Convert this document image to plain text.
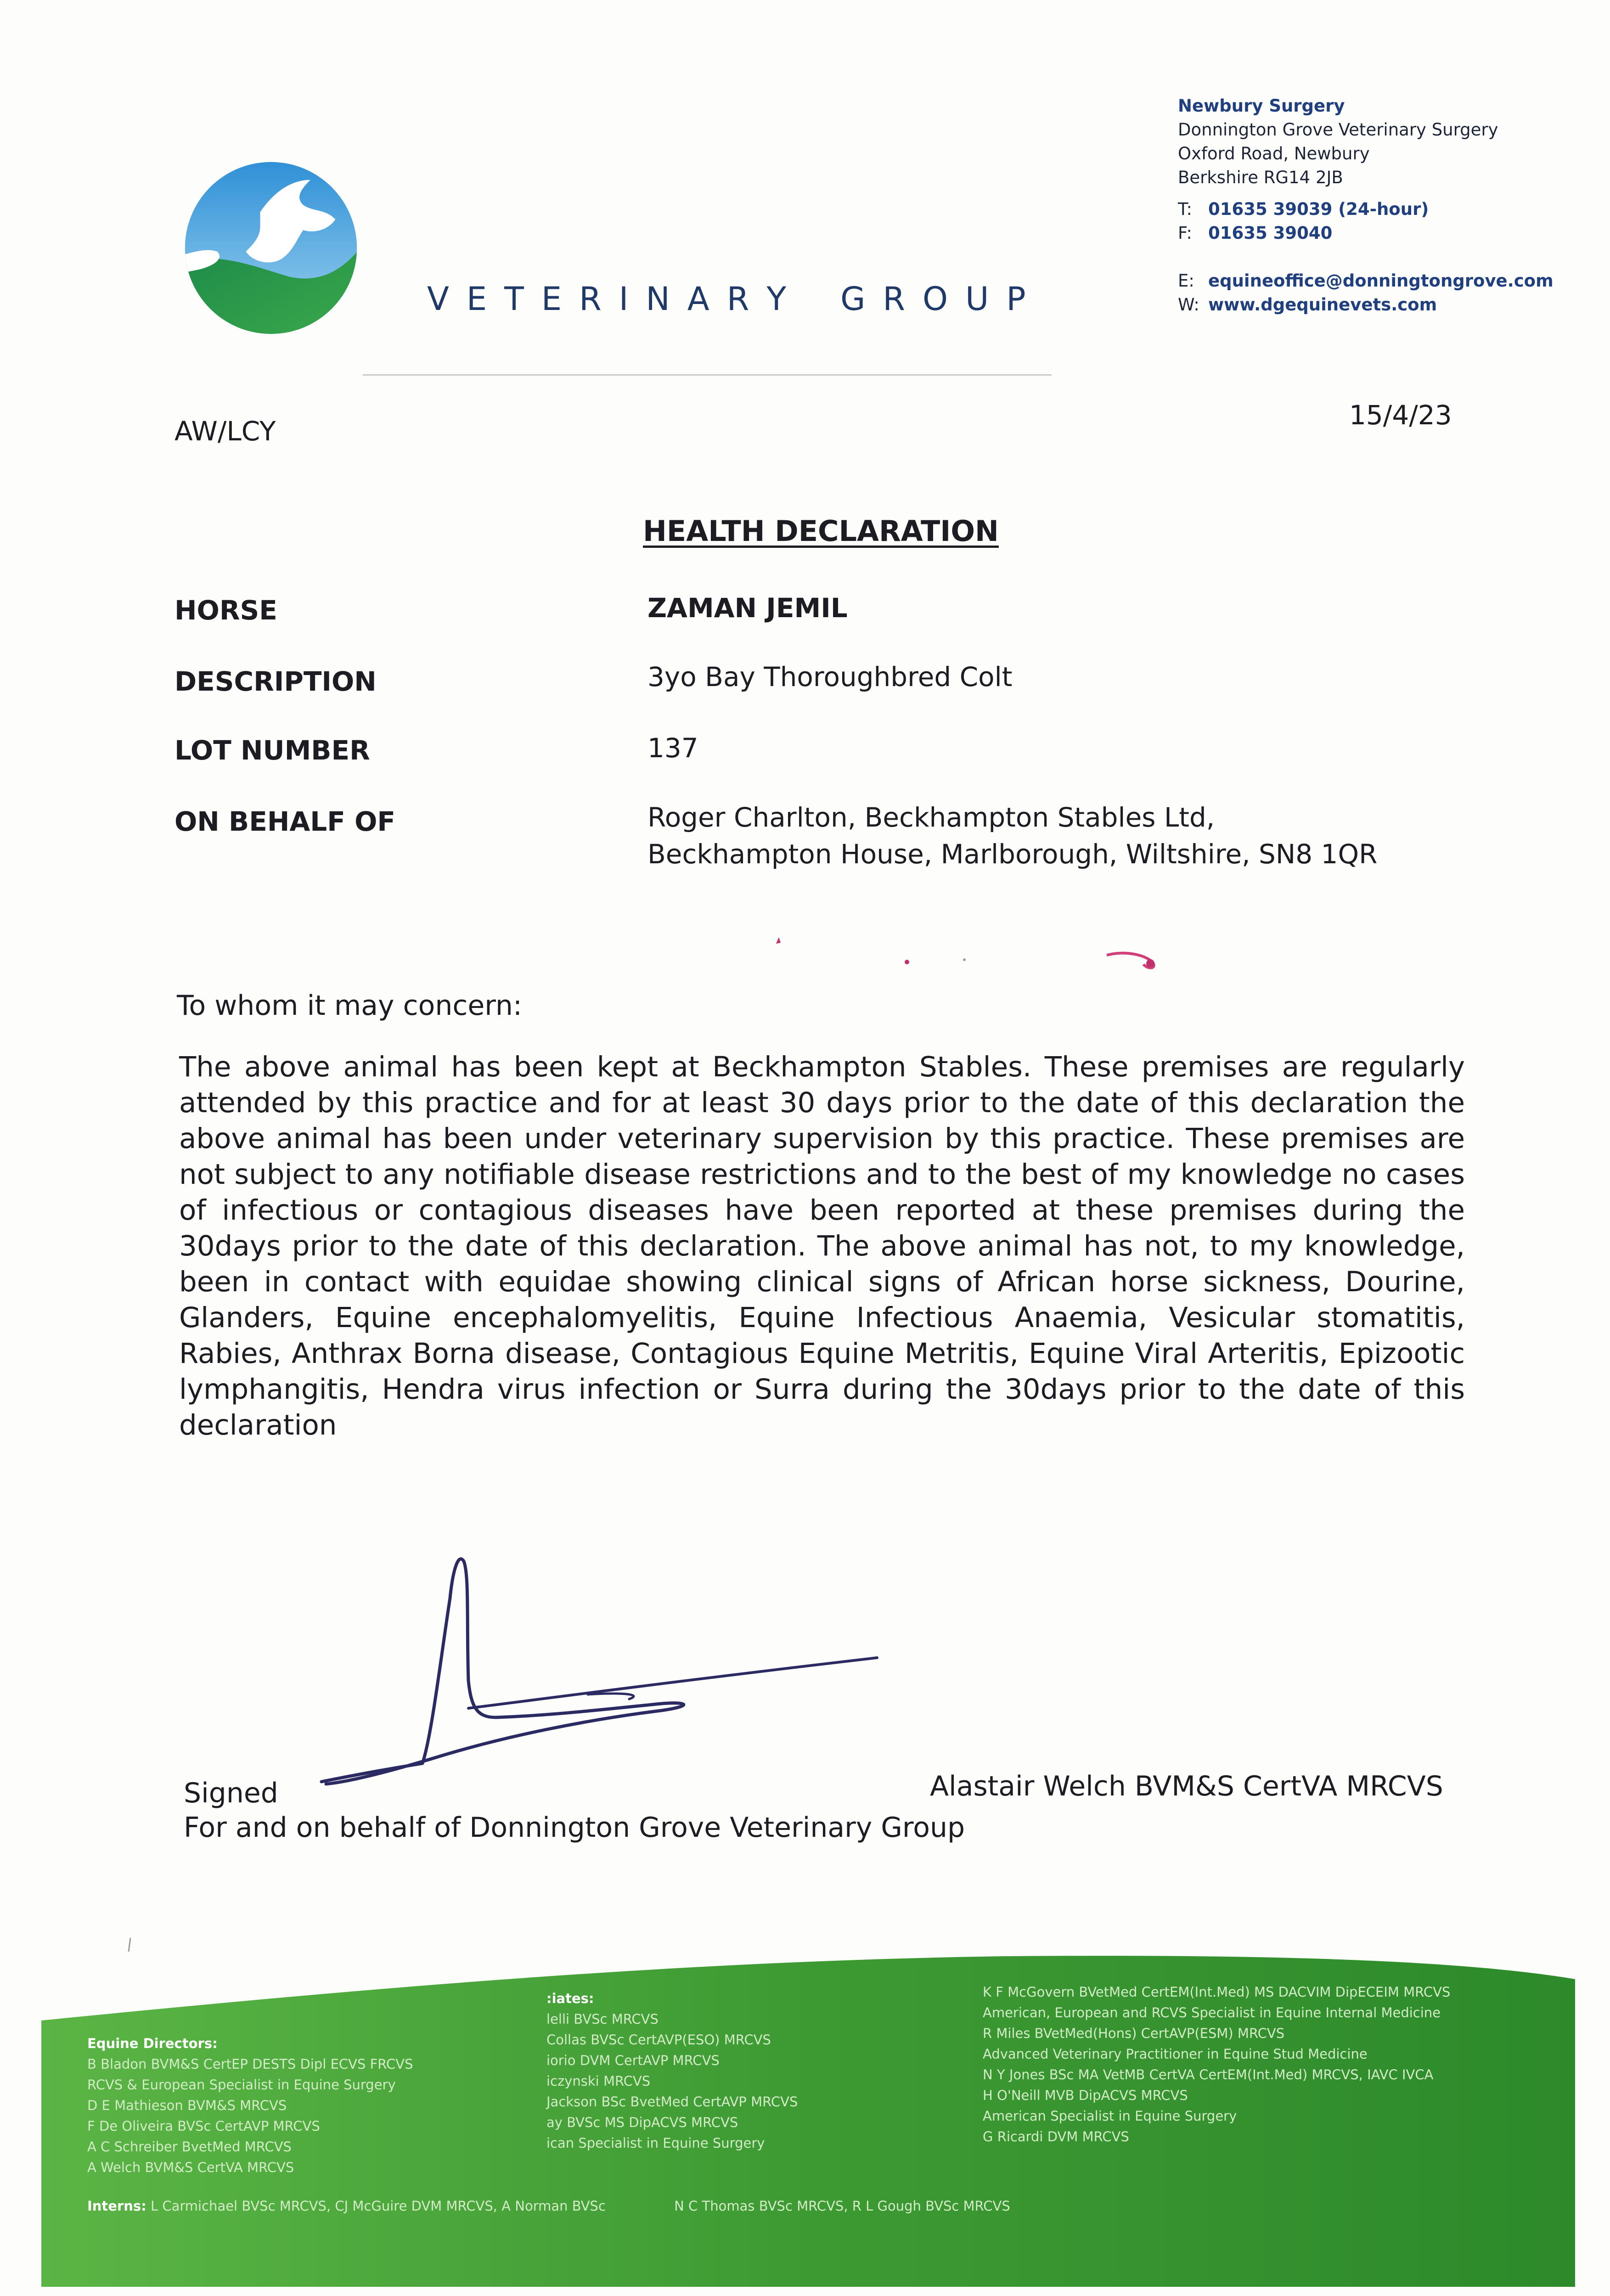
VETERINARY GROUP
Newbury Surgery
Donnington Grove Veterinary Surgery
Oxford Road, Newbury
Berkshire RG14 2JB
T: 01635 39039 (24-hour)
F: 01635 39040
E: equineoffice@donningtongrove.com
W: www.dgequinevets.com
AW/LCY
15/4/23
HEALTH DECLARATION
HORSE	ZAMAN JEMIL
DESCRIPTION	3yo Bay Thoroughbred Colt
LOT NUMBER	137
ON BEHALF OF	Roger Charlton, Beckhampton Stables Ltd,
Beckhampton House, Marlborough, Wiltshire, SN8 1QR
To whom it may concern:
The above animal has been kept at Beckhampton Stables. These premises are regularly attended by this practice and for at least 30 days prior to the date of this declaration the above animal has been under veterinary supervision by this practice. These premises are not subject to any notifiable disease restrictions and to the best of my knowledge no cases of infectious or contagious diseases have been reported at these premises during the 30days prior to the date of this declaration. The above animal has not, to my knowledge, been in contact with equidae showing clinical signs of African horse sickness, Dourine, Glanders, Equine encephalomyelitis, Equine Infectious Anaemia, Vesicular stomatitis, Rabies, Anthrax Borna disease, Contagious Equine Metritis, Equine Viral Arteritis, Epizootic lymphangitis, Hendra virus infection or Surra during the 30days prior to the date of this declaration
Signed	Alastair Welch BVM&S CertVA MRCVS
For and on behalf of Donnington Grove Veterinary Group
Equine Directors:
B Bladon BVM&S CertEP DESTS Dipl ECVS FRCVS
RCVS & European Specialist in Equine Surgery
D E Mathieson BVM&S MRCVS
F De Oliveira BVSc CertAVP MRCVS
A C Schreiber BvetMed MRCVS
A Welch BVM&S CertVA MRCVS
:iates:
lelli BVSc MRCVS
Collas BVSc CertAVP(ESO) MRCVS
iorio DVM CertAVP MRCVS
iczynski MRCVS
Jackson BSc BvetMed CertAVP MRCVS
ay BVSc MS DipACVS MRCVS
ican Specialist in Equine Surgery
K F McGovern BVetMed CertEM(Int.Med) MS DACVIM DipECEIM MRCVS
American, European and RCVS Specialist in Equine Internal Medicine
R Miles BVetMed(Hons) CertAVP(ESM) MRCVS
Advanced Veterinary Practitioner in Equine Stud Medicine
N Y Jones BSc MA VetMB CertVA CertEM(Int.Med) MRCVS, IAVC IVCA
H O'Neill MVB DipACVS MRCVS
American Specialist in Equine Surgery
G Ricardi DVM MRCVS
Interns: L Carmichael BVSc MRCVS, CJ McGuire DVM MRCVS, A Norman BVSc	N C Thomas BVSc MRCVS, R L Gough BVSc MRCVS
